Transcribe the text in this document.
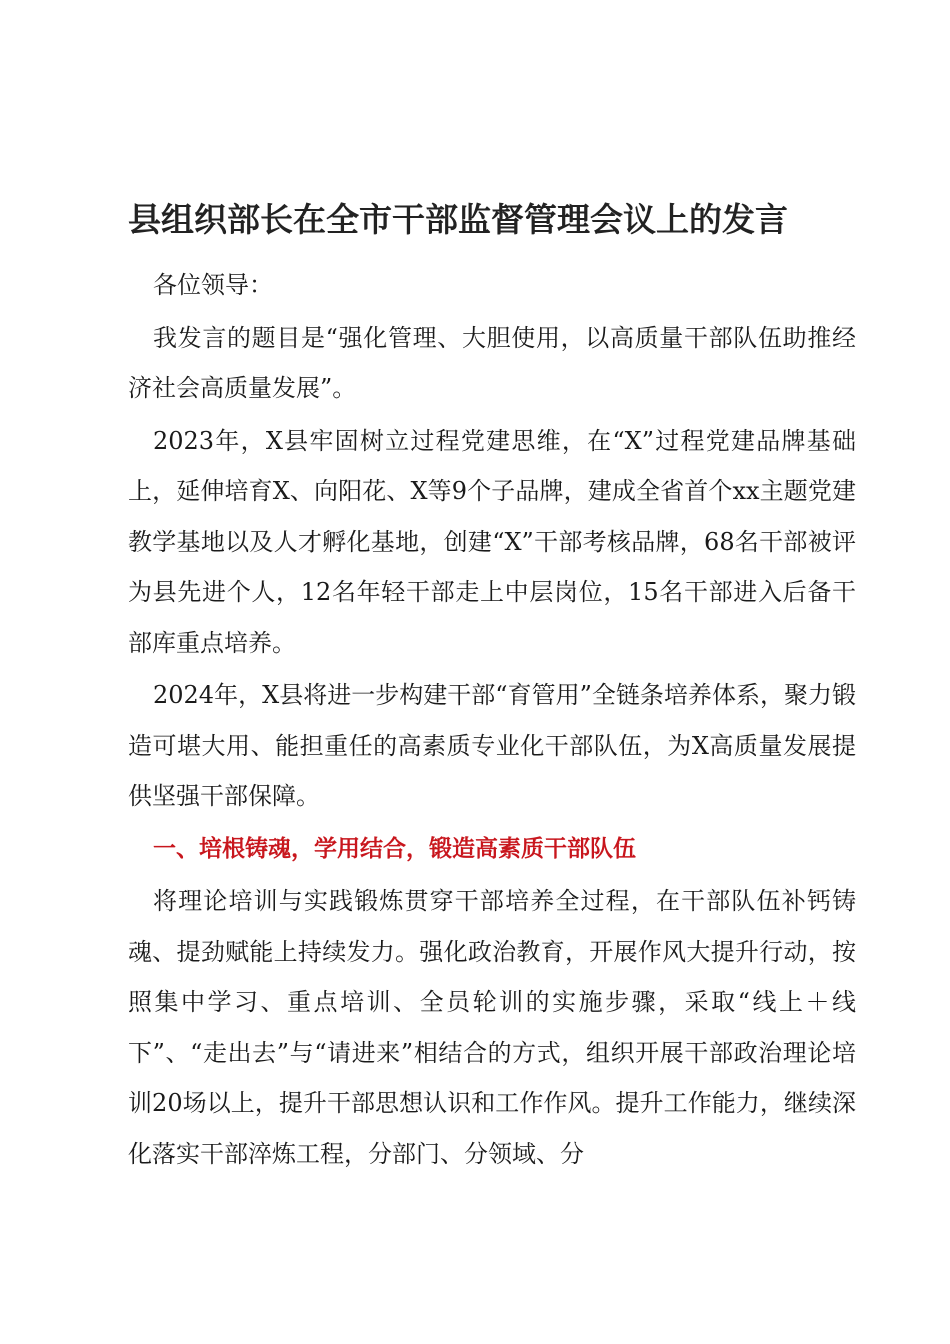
县组织部长在全市干部监督管理会议上的发言

各位领导：

我发言的题目是“强化管理、大胆使用，以高质量干部队伍助推经济社会高质量发展”。

2023年，X县牢固树立过程党建思维，在“X”过程党建品牌基础上，延伸培育X、向阳花、X等9个子品牌，建成全省首个xx主题党建教学基地以及人才孵化基地，创建“X”干部考核品牌，68名干部被评为县先进个人，12名年轻干部走上中层岗位，15名干部进入后备干部库重点培养。

2024年，X县将进一步构建干部“育管用”全链条培养体系，聚力锻造可堪大用、能担重任的高素质专业化干部队伍，为X高质量发展提供坚强干部保障。

一、培根铸魂，学用结合，锻造高素质干部队伍

将理论培训与实践锻炼贯穿干部培养全过程，在干部队伍补钙铸魂、提劲赋能上持续发力。强化政治教育，开展作风大提升行动，按照集中学习、重点培训、全员轮训的实施步骤，采取“线上＋线下”、“走出去”与“请进来”相结合的方式，组织开展干部政治理论培训20场以上，提升干部思想认识和工作作风。提升工作能力，继续深化落实干部淬炼工程，分部门、分领域、分
